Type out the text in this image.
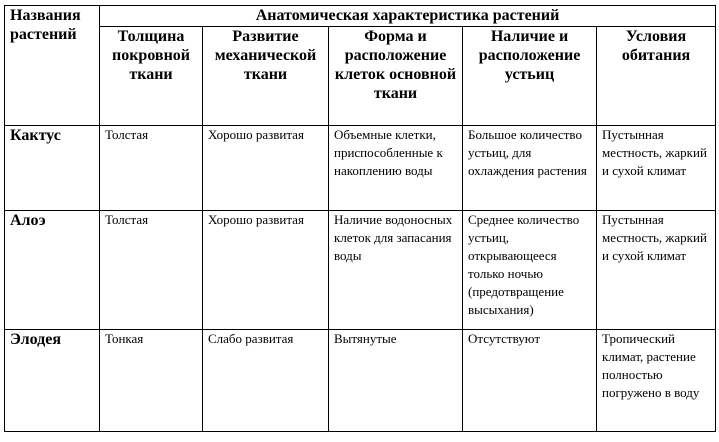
Названия растений	Анатомическая характеристика растений				
	Толщина покровной ткани	Развитие механической ткани	Форма и расположение клеток основной ткани	Наличие и расположение устьиц	Условия обитания
Кактус	Толстая	Хорошо развитая	Объемные клетки, приспособленные к накоплению воды	Большое количество устьиц, для охлаждения растения	Пустынная местность, жаркий и сухой климат
Алоэ	Толстая	Хорошо развитая	Наличие водоносных клеток для запасания воды	Среднее количество устьиц, открывающееся только ночью (предотвращение высыхания)	Пустынная местность, жаркий и сухой климат
Элодея	Тонкая	Слабо развитая	Вытянутые	Отсутствуют	Тропический климат, растение полностью погружено в воду
